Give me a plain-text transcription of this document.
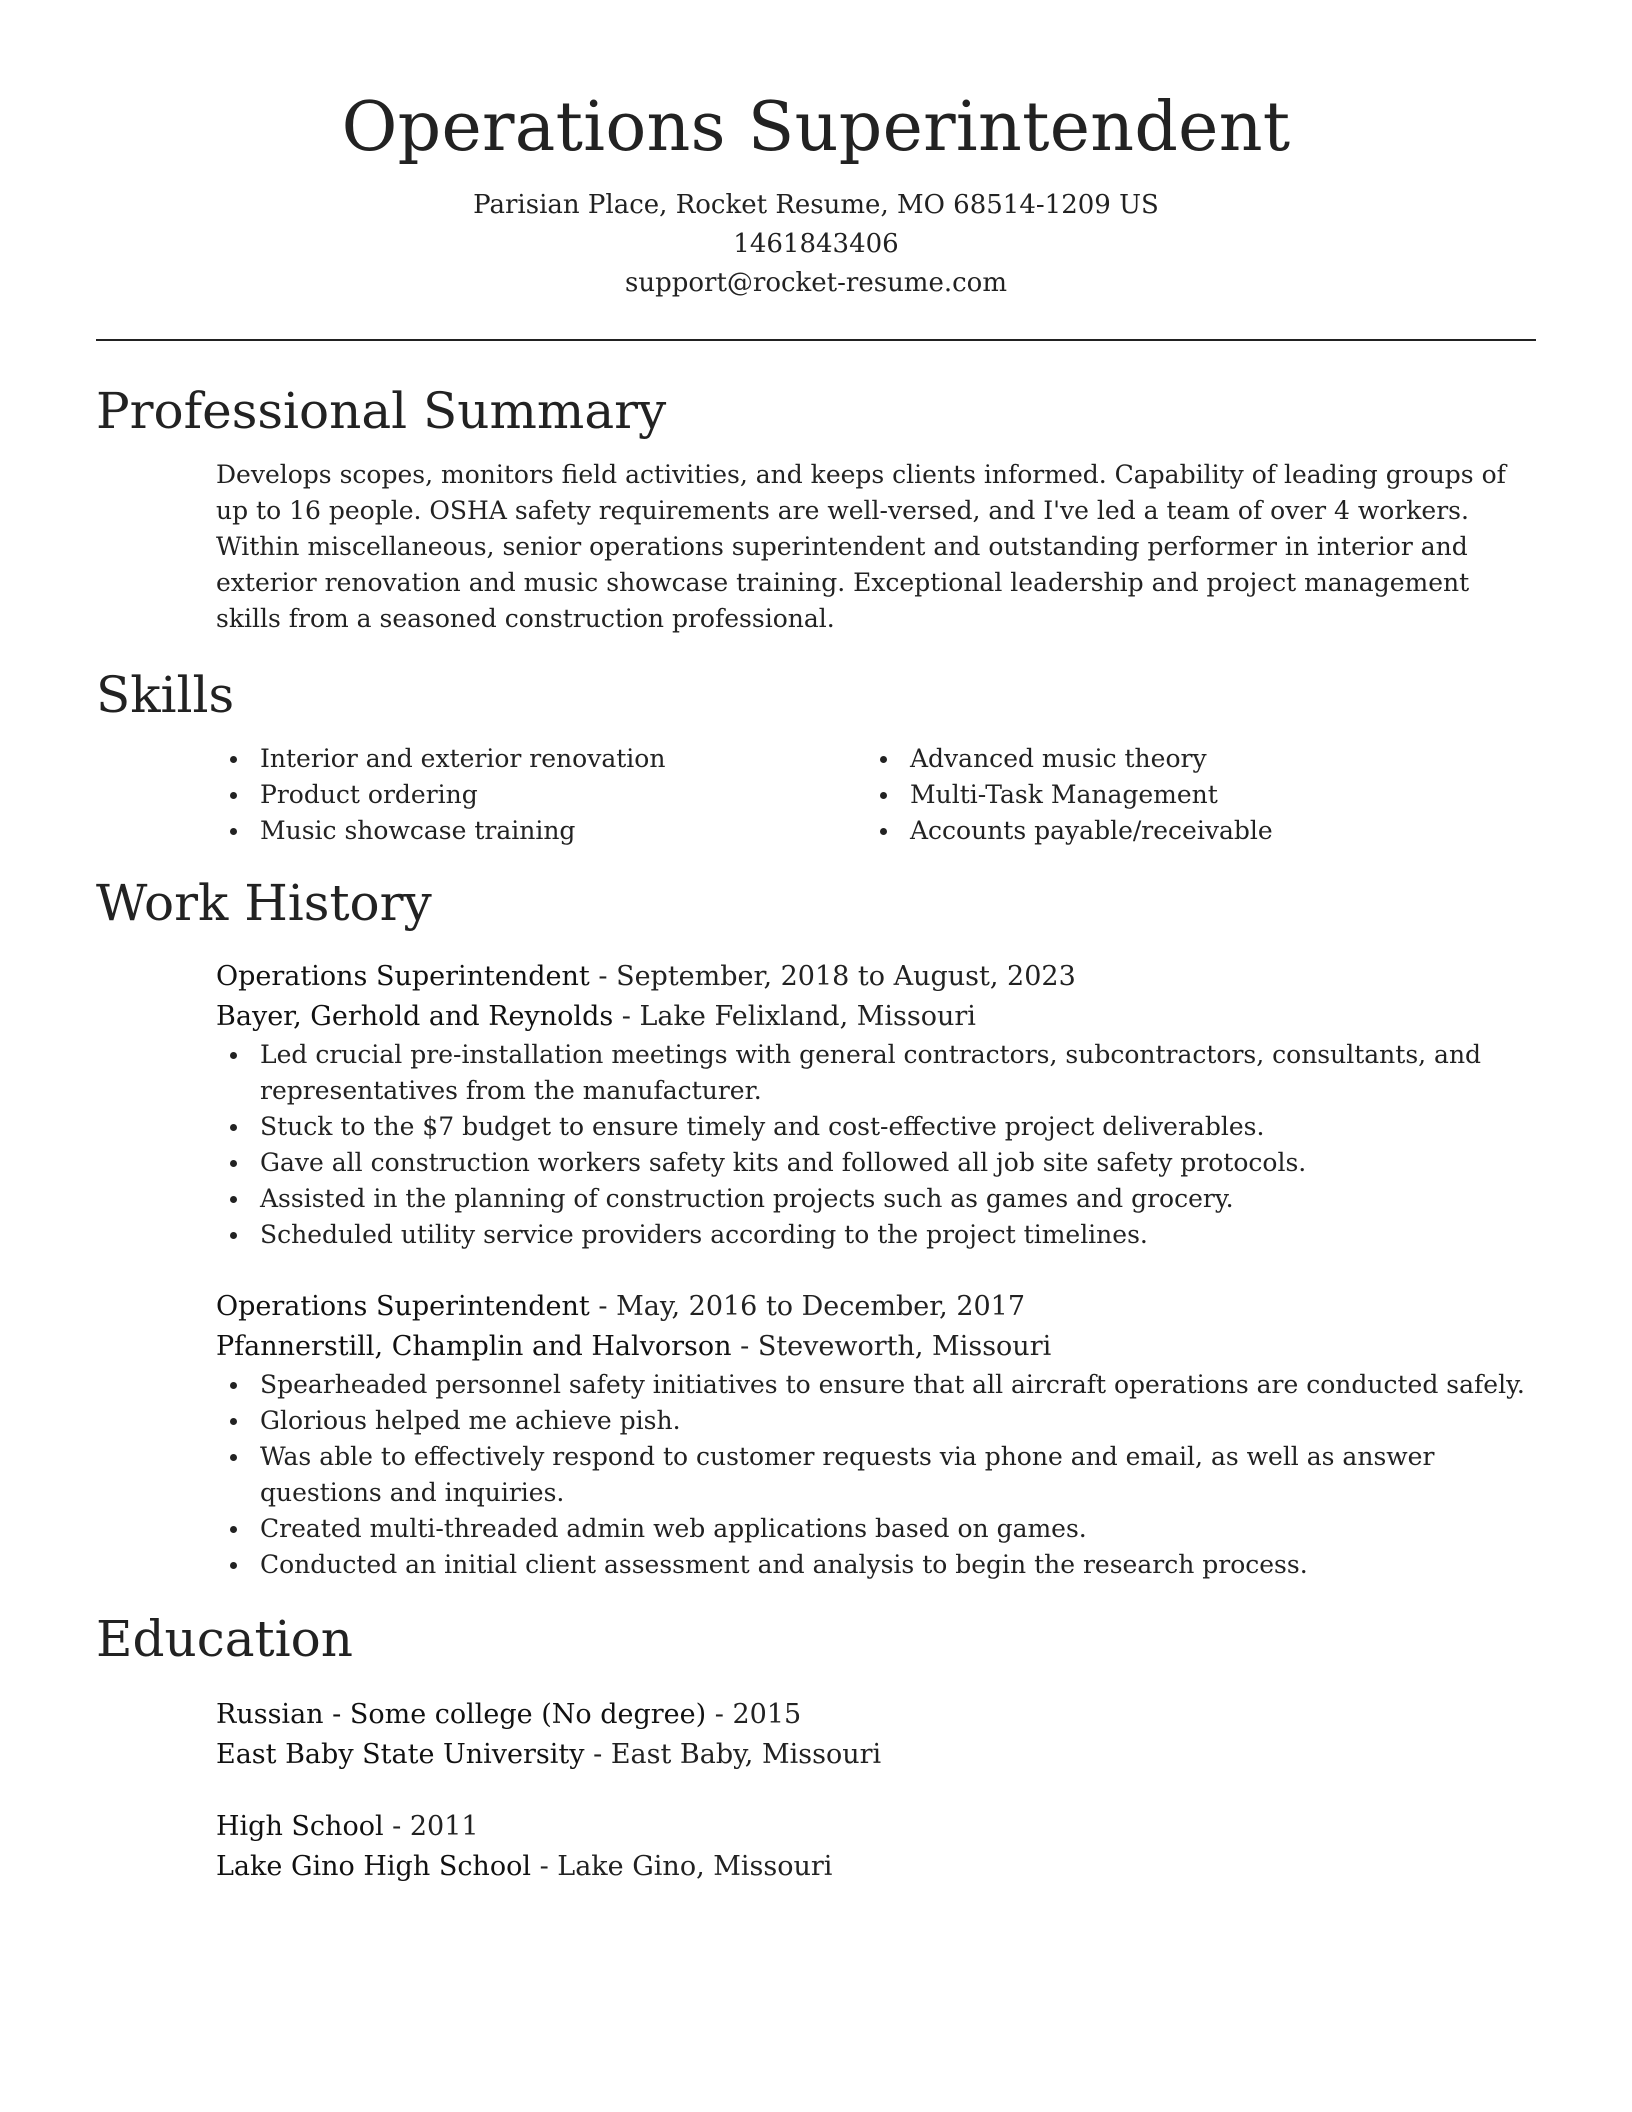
Operations Superintendent
Parisian Place, Rocket Resume, MO 68514-1209 US
1461843406
support@rocket-resume.com
Professional Summary
Develops scopes, monitors field activities, and keeps clients informed. Capability of leading groups of up to 16 people. OSHA safety requirements are well-versed, and I've led a team of over 4 workers. Within miscellaneous, senior operations superintendent and outstanding performer in interior and exterior renovation and music showcase training. Exceptional leadership and project management skills from a seasoned construction professional.
Skills
Interior and exterior renovation
Product ordering
Music showcase training
Advanced music theory
Multi-Task Management
Accounts payable/receivable
Work History
Operations Superintendent - September, 2018 to August, 2023
Bayer, Gerhold and Reynolds - Lake Felixland, Missouri
Led crucial pre-installation meetings with general contractors, subcontractors, consultants, and representatives from the manufacturer.
Stuck to the $7 budget to ensure timely and cost-effective project deliverables.
Gave all construction workers safety kits and followed all job site safety protocols.
Assisted in the planning of construction projects such as games and grocery.
Scheduled utility service providers according to the project timelines.
Operations Superintendent - May, 2016 to December, 2017
Pfannerstill, Champlin and Halvorson - Steveworth, Missouri
Spearheaded personnel safety initiatives to ensure that all aircraft operations are conducted safely.
Glorious helped me achieve pish.
Was able to effectively respond to customer requests via phone and email, as well as answer questions and inquiries.
Created multi-threaded admin web applications based on games.
Conducted an initial client assessment and analysis to begin the research process.
Education
Russian - Some college (No degree) - 2015
East Baby State University - East Baby, Missouri
High School - 2011
Lake Gino High School - Lake Gino, Missouri
